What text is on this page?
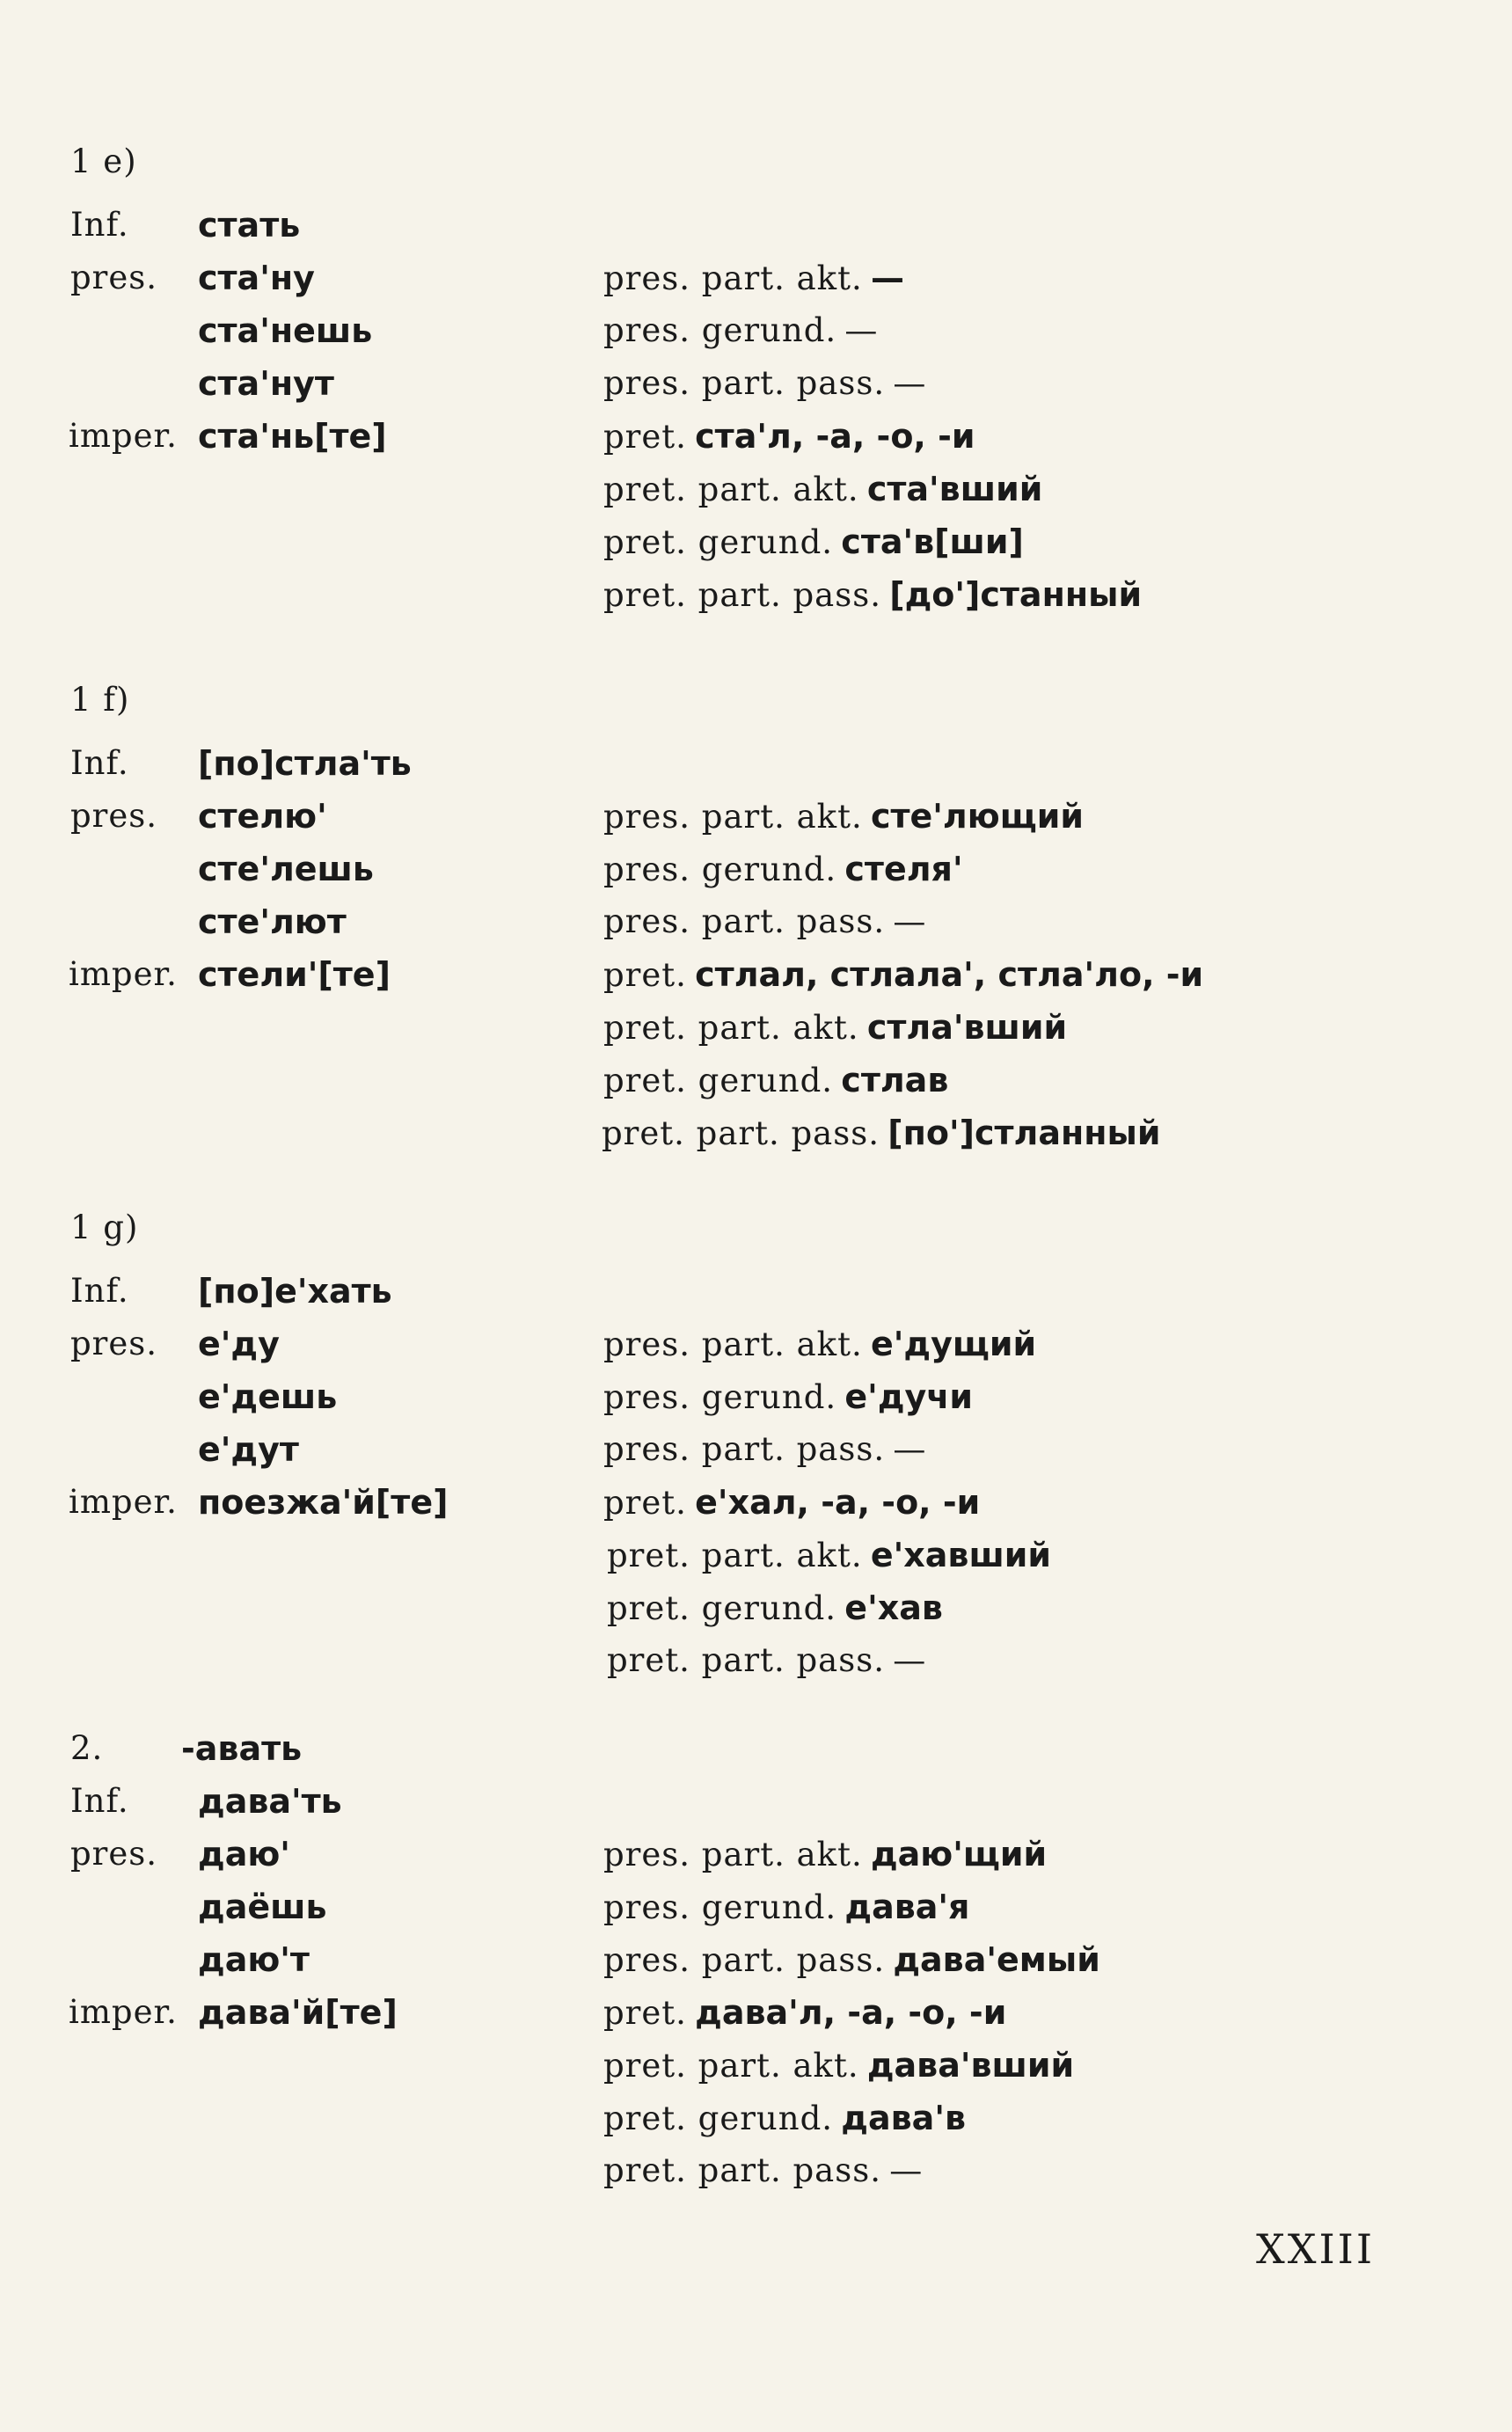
1 e)
Inf. стать
pres. ста'ну
ста'нешь
ста'нут
imper. ста'нь[те]
pres. part. akt. —
pres. gerund. —
pres. part. pass. —
pret. ста'л, -а, -о, -и
pret. part. akt. ста'вший
pret. gerund. ста'в[ши]
pret. part. pass. [до']станный
1 f)
Inf. [по]стла'ть
pres. стелю'
сте'лешь
сте'лют
imper. стели'[те]
pres. part. akt. сте'лющий
pres. gerund. стеля'
pres. part. pass. —
pret. стлал, стлала', стла'ло, -и
pret. part. akt. стла'вший
pret. gerund. стлав
pret. part. pass. [по']стланный
1 g)
Inf. [по]е'хать
pres. е'ду
е'дешь
е'дут
imper. поезжа'й[те]
pres. part. akt. е'дущий
pres. gerund. е'дучи
pres. part. pass. —
pret. е'хал, -а, -о, -и
pret. part. akt. е'хавший
pret. gerund. е'хав
pret. part. pass. —
2. -авать
Inf. дава'ть
pres. даю'
даёшь
даю'т
imper. дава'й[те]
pres. part. akt. даю'щий
pres. gerund. дава'я
pres. part. pass. дава'емый
pret. дава'л, -а, -о, -и
pret. part. akt. дава'вший
pret. gerund. дава'в
pret. part. pass. —
XXIII
